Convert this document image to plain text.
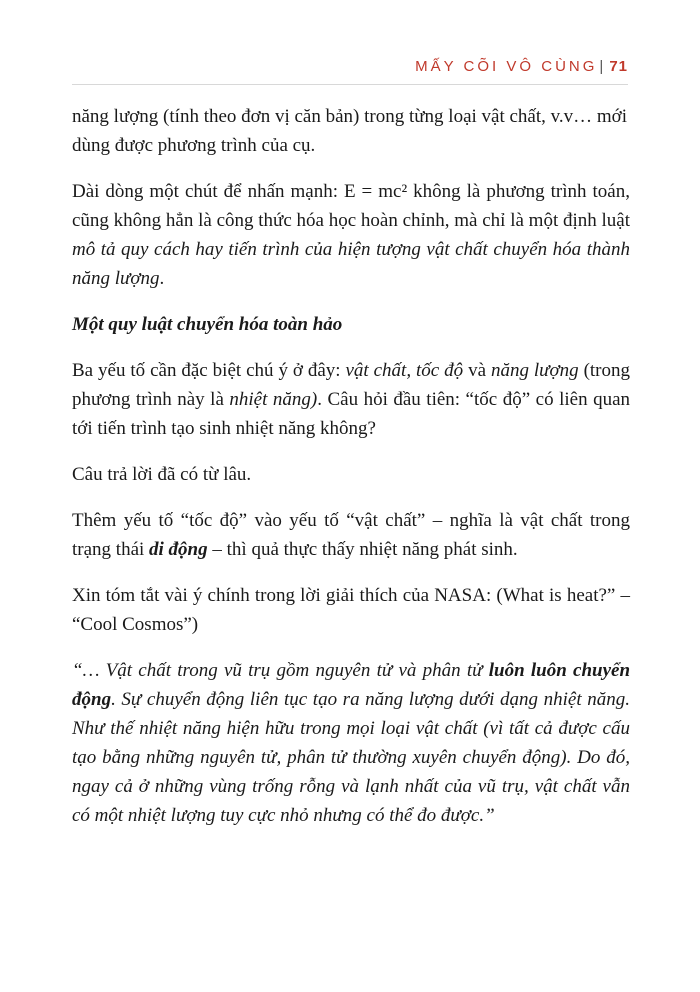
MẤY CÕI VÔ CÙNG | 71

năng lượng (tính theo đơn vị căn bản) trong từng loại vật chất, v.v… mới dùng được phương trình của cụ.

Dài dòng một chút để nhấn mạnh: E = mc² không là phương trình toán, cũng không hẳn là công thức hóa học hoàn chỉnh, mà chỉ là một định luật mô tả quy cách hay tiến trình của hiện tượng vật chất chuyển hóa thành năng lượng.

Một quy luật chuyển hóa toàn hảo

Ba yếu tố cần đặc biệt chú ý ở đây: vật chất, tốc độ và năng lượng (trong phương trình này là nhiệt năng). Câu hỏi đầu tiên: “tốc độ” có liên quan tới tiến trình tạo sinh nhiệt năng không?

Câu trả lời đã có từ lâu.

Thêm yếu tố “tốc độ” vào yếu tố “vật chất” – nghĩa là vật chất trong trạng thái di động – thì quả thực thấy nhiệt năng phát sinh.

Xin tóm tắt vài ý chính trong lời giải thích của NASA: (What is heat?” – “Cool Cosmos”)

“… Vật chất trong vũ trụ gồm nguyên tử và phân tử luôn luôn chuyển động. Sự chuyển động liên tục tạo ra năng lượng dưới dạng nhiệt năng. Như thế nhiệt năng hiện hữu trong mọi loại vật chất (vì tất cả được cấu tạo bằng những nguyên tử, phân tử thường xuyên chuyển động). Do đó, ngay cả ở những vùng trống rỗng và lạnh nhất của vũ trụ, vật chất vẫn có một nhiệt lượng tuy cực nhỏ nhưng có thể đo được.”
